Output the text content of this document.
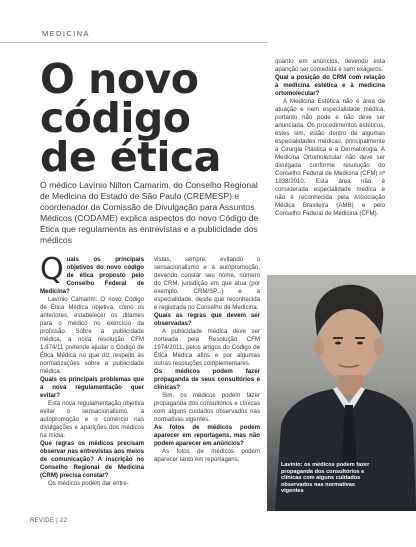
MEDICINA
O novo
código
de ética

O médico Lavínio Nilton Camarim, do Conselho Regional de Medicina do Estado de São Paulo (CREMESP) e coordenador da Comissão de Divulgação para Assuntos Médicos (CODAME) explica aspectos do novo Código de Ética que regulamenta as entrevistas e a publicidade dos médicos

quanto em anúncios, devendo esta aparição ser comedida e sem exageros.

Qual a posição do CRM com relação à medicina estética e à medicina ortomolecular?

A Medicina Estética não é área de atuação e nem especialidade médica, portanto não pode e não deve ser anunciada. Os procedimentos estéticos, estes sim, estão dentro de algumas especialidades médicas, principalmente a Cirurgia Plástica e a Dermatologia. A Medicina Ortomolecular não deve ser divulgada conforme resolução do Conselho Federal de Medicina (CFM) nº 1938/2010. Esta área não é considerada especialidade médica e não é reconhecida pela Associação Médica Brasileira (AMB) e pelo Conselho Federal de Medicina (CFM).

Q uais os principais objetivos do novo código de ética proposto pelo Conselho Federal de Medicina?

Lavínio Camarim: O novo Código de Ética Médica objetiva, como os anteriores, estabelecer os ditames para o médico no exercício da profissão. Sobre a publicidade médica, a nova resolução CFM 1.974/11 pretende ajudar o Código de Ética Médica no que diz respeito às normatizações sobre a publicidade médica.

Quais os principais problemas que a nova regulamentação quer evitar?

Esta nova regulamentação objetiva evitar o sensacionalismo, a autopromoção e o comércio nas divulgações e aparições dos médicos na mídia.

Que regras os médicos precisam observar nas entrevistas aos meios de comunicação? A inscrição no Conselho Regional de Medicina (CRM) precisa constar?

Os médicos podem dar entre-

vistas, sempre, evitando o sensacionalismo e a autopromoção, devendo constar seu nome, número do CRM, jurisdição em que atua (por exemplo, CRM/SP...) e a especialidade, desde que reconhecida e registrada no Conselho de Medicina.

Quais as regras que devem ser observadas?

A publicidade médica deve ser norteada pela Resolução CFM 1974/2011, pelos artigos do Código de Ética Médica afins e por algumas outras resoluções complementares.

Os médicos podem fazer propaganda de seus consultórios e clínicas?

Sim, os médicos podem fazer propaganda dos consultórios e clínicas com alguns cuidados observados nas normativas vigentes.

As fotos de médicos podem aparecer em reportagens, mas não podem aparecer em anúncios?

As fotos de médicos podem aparecer tanto em reportagens,

Lavínio: os médicos podem fazer propaganda dos consultórios e clínicas com alguns cuidados observados nas normativas vigentes

REVIDE | 22
